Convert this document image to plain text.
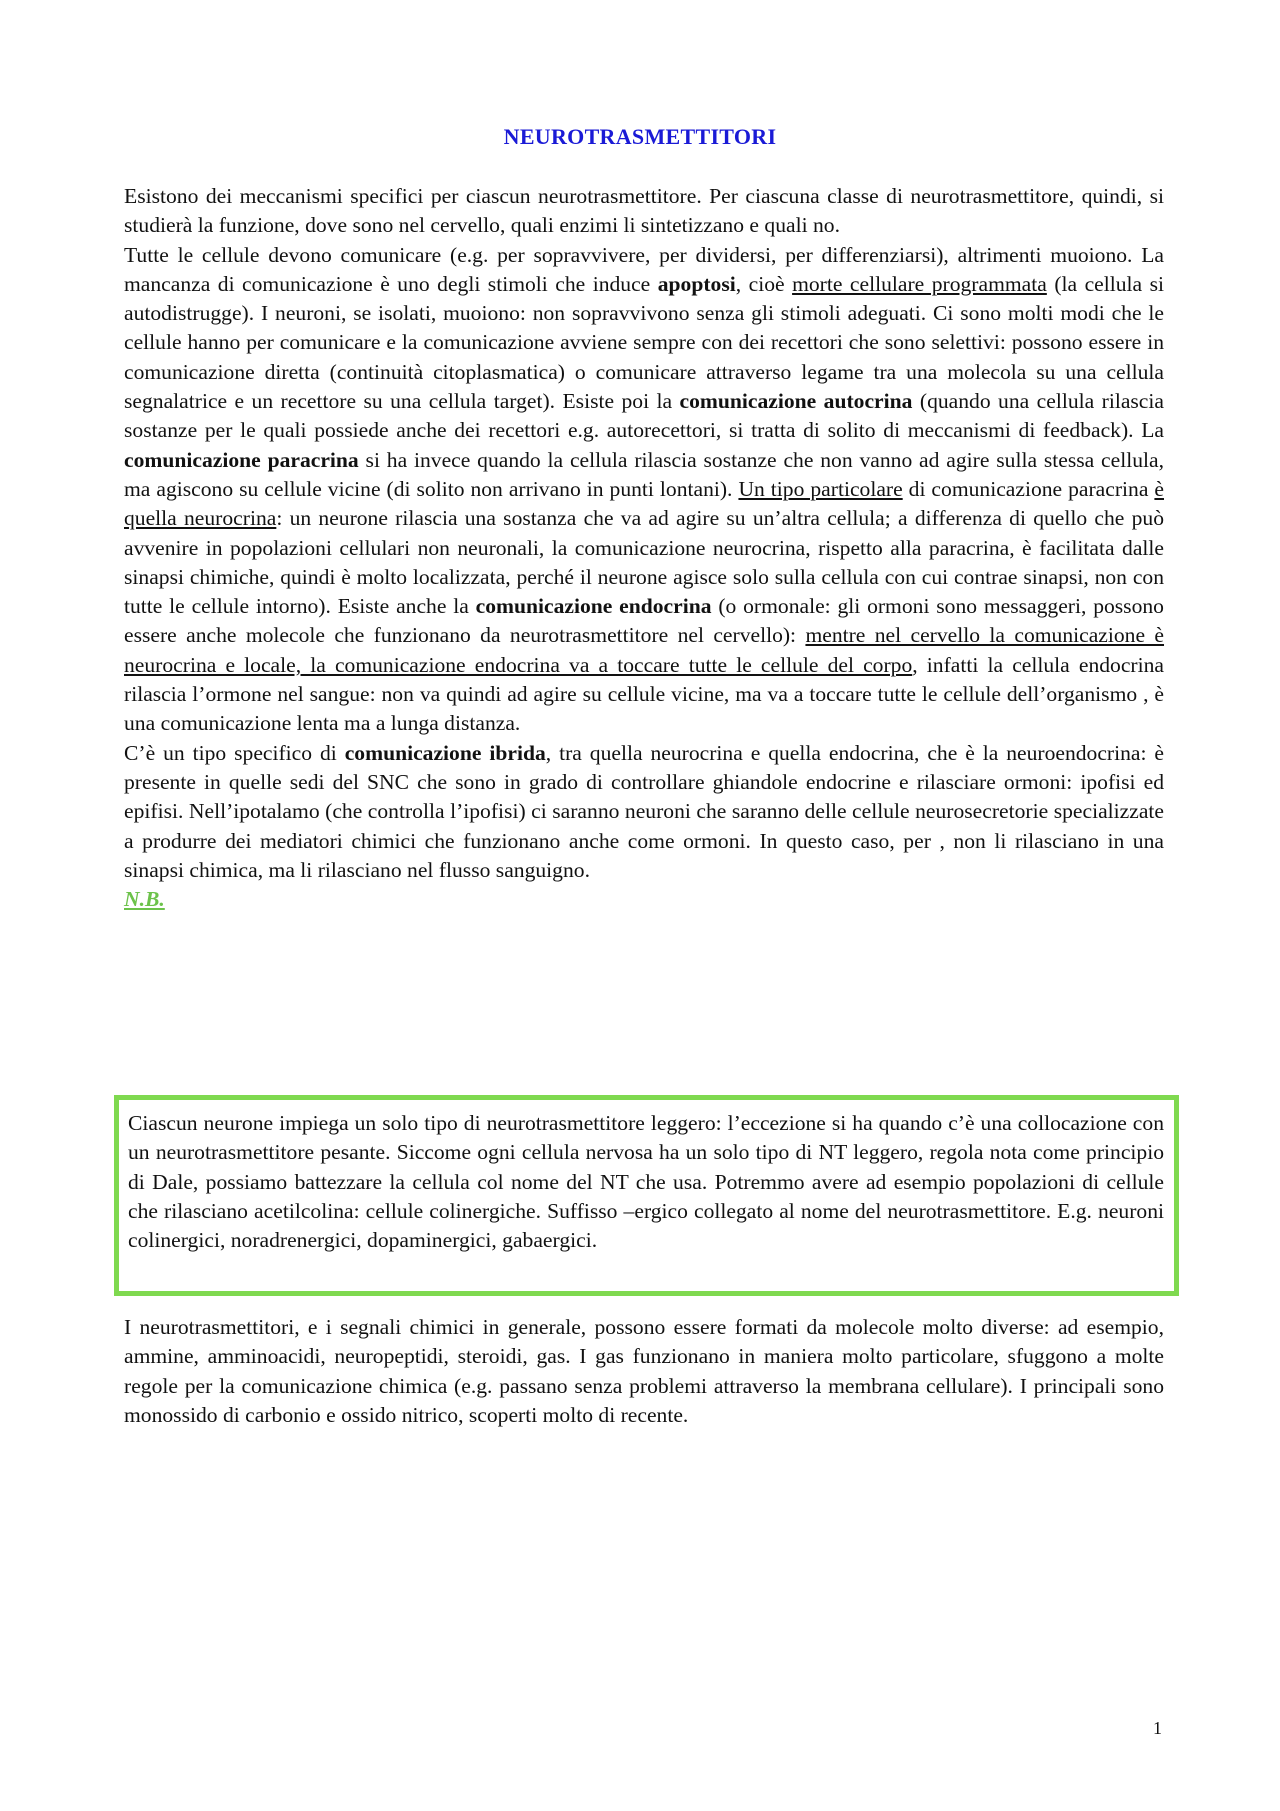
NEUROTRASMETTITORI

Esistono dei meccanismi specifici per ciascun neurotrasmettitore. Per ciascuna classe di neurotrasmettitore, quindi, si studierà la funzione, dove sono nel cervello, quali enzimi li sintetizzano e quali no.

Tutte le cellule devono comunicare (e.g. per sopravvivere, per dividersi, per differenziarsi), altrimenti muoiono. La mancanza di comunicazione è uno degli stimoli che induce apoptosi, cioè morte cellulare programmata (la cellula si autodistrugge). I neuroni, se isolati, muoiono: non sopravvivono senza gli stimoli adeguati. Ci sono molti modi che le cellule hanno per comunicare e la comunicazione avviene sempre con dei recettori che sono selettivi: possono essere in comunicazione diretta (continuità citoplasmatica) o comunicare attraverso legame tra una molecola su una cellula segnalatrice e un recettore su una cellula target). Esiste poi la comunicazione autocrina (quando una cellula rilascia sostanze per le quali possiede anche dei recettori e.g. autorecettori, si tratta di solito di meccanismi di feedback). La comunicazione paracrina si ha invece quando la cellula rilascia sostanze che non vanno ad agire sulla stessa cellula, ma agiscono su cellule vicine (di solito non arrivano in punti lontani). Un tipo particolare di comunicazione paracrina è quella neurocrina: un neurone rilascia una sostanza che va ad agire su un’altra cellula; a differenza di quello che può avvenire in popolazioni cellulari non neuronali, la comunicazione neurocrina, rispetto alla paracrina, è facilitata dalle sinapsi chimiche, quindi è molto localizzata, perché il neurone agisce solo sulla cellula con cui contrae sinapsi, non con tutte le cellule intorno). Esiste anche la comunicazione endocrina (o ormonale: gli ormoni sono messaggeri, possono essere anche molecole che funzionano da neurotrasmettitore nel cervello): mentre nel cervello la comunicazione è neurocrina e locale, la comunicazione endocrina va a toccare tutte le cellule del corpo, infatti la cellula endocrina rilascia l’ormone nel sangue: non va quindi ad agire su cellule vicine, ma va a toccare tutte le cellule dell’organismo , è una comunicazione lenta ma a lunga distanza.

C’è un tipo specifico di comunicazione ibrida, tra quella neurocrina e quella endocrina, che è la neuroendocrina: è presente in quelle sedi del SNC che sono in grado di controllare ghiandole endocrine e rilasciare ormoni: ipofisi ed epifisi. Nell’ipotalamo (che controlla l’ipofisi) ci saranno neuroni che saranno delle cellule neurosecretorie specializzate a produrre dei mediatori chimici che funzionano anche come ormoni. In questo caso, per , non li rilasciano in una sinapsi chimica, ma li rilasciano nel flusso sanguigno.

N.B.

Ciascun neurone impiega un solo tipo di neurotrasmettitore leggero: l’eccezione si ha quando c’è una collocazione con un neurotrasmettitore pesante. Siccome ogni cellula nervosa ha un solo tipo di NT leggero, regola nota come principio di Dale, possiamo battezzare la cellula col nome del NT che usa. Potremmo avere ad esempio popolazioni di cellule che rilasciano acetilcolina: cellule colinergiche. Suffisso –ergico collegato al nome del neurotrasmettitore. E.g. neuroni colinergici, noradrenergici, dopaminergici, gabaergici.

I neurotrasmettitori, e i segnali chimici in generale, possono essere formati da molecole molto diverse: ad esempio, ammine, amminoacidi, neuropeptidi, steroidi, gas. I gas funzionano in maniera molto particolare, sfuggono a molte regole per la comunicazione chimica (e.g. passano senza problemi attraverso la membrana cellulare). I principali sono monossido di carbonio e ossido nitrico, scoperti molto di recente.

1
